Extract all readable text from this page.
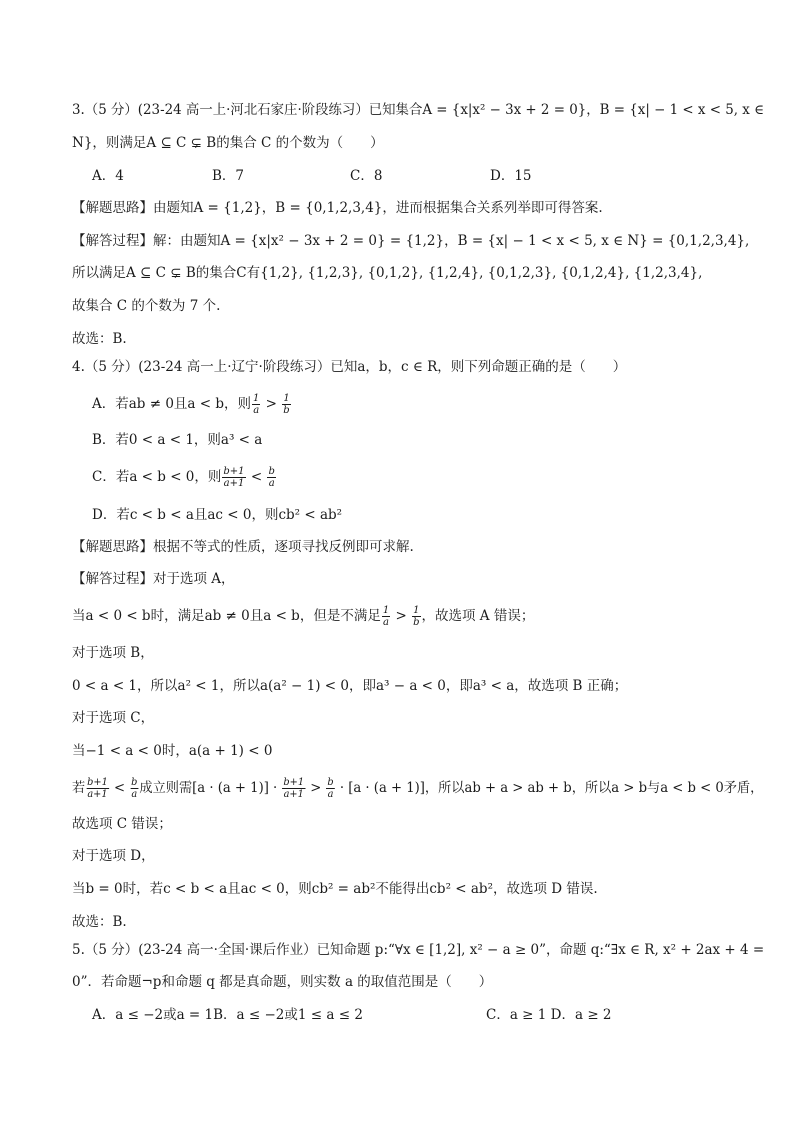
3.（5 分）(23-24 高一上·河北石家庄·阶段练习）已知集合A = {x|x² − 3x + 2 = 0}，B = {x| − 1 < x < 5, x ∈
N}，则满足A ⊆ C ⊊ B的集合 C 的个数为（　　）
A．4	B．7	C．8	D．15
【解题思路】由题知A = {1,2}，B = {0,1,2,3,4}，进而根据集合关系列举即可得答案.
【解答过程】解：由题知A = {x|x² − 3x + 2 = 0} = {1,2}，B = {x| − 1 < x < 5, x ∈ N} = {0,1,2,3,4},
所以满足A ⊆ C ⊊ B的集合C有{1,2}, {1,2,3}, {0,1,2}, {1,2,4}, {0,1,2,3}, {0,1,2,4}, {1,2,3,4},
故集合 C 的个数为 7 个.
故选：B.
4.（5 分）(23-24 高一上·辽宁·阶段练习）已知a，b，c ∈ R，则下列命题正确的是（　　）
A．若ab ≠ 0且a < b，则 $\frac{1}{a} > \frac{1}{b}$
B．若0 < a < 1，则a³ < a
C．若a < b < 0，则 $\frac{b+1}{a+1} < \frac{b}{a}$
D．若c < b < a且ac < 0，则cb² < ab²
【解题思路】根据不等式的性质，逐项寻找反例即可求解.
【解答过程】对于选项 A，
当a < 0 < b时，满足ab ≠ 0且a < b，但是不满足 $\frac{1}{a} > \frac{1}{b}$ ，故选项 A 错误；
对于选项 B，
0 < a < 1，所以a² < 1，所以a(a² − 1) < 0，即a³ − a < 0，即a³ < a，故选项 B 正确；
对于选项 C，
当−1 < a < 0时，a(a + 1) < 0
若 $\frac{b+1}{a+1} < \frac{b}{a}$ 成立则需$[a \cdot (a + 1)] \cdot \frac{b+1}{a+1} > \frac{b}{a} \cdot [a \cdot (a + 1)]$，所以ab + a > ab + b，所以a > b与a < b < 0矛盾，
故选项 C 错误；
对于选项 D，
当b = 0时，若c < b < a且ac < 0，则cb² = ab²不能得出cb² < ab²，故选项 D 错误.
故选：B.
5.（5 分）(23-24 高一·全国·课后作业）已知命题 p:“∀x ∈ [1,2], x² − a ≥ 0”，命题 q:“∃x ∈ R, x² + 2ax + 4 =
0”．若命题¬p和命题 q 都是真命题，则实数 a 的取值范围是（　　）
A．a ≤ −2或a = 1B．a ≤ −2或1 ≤ a ≤ 2	C．a ≥ 1 D．a ≥ 2
